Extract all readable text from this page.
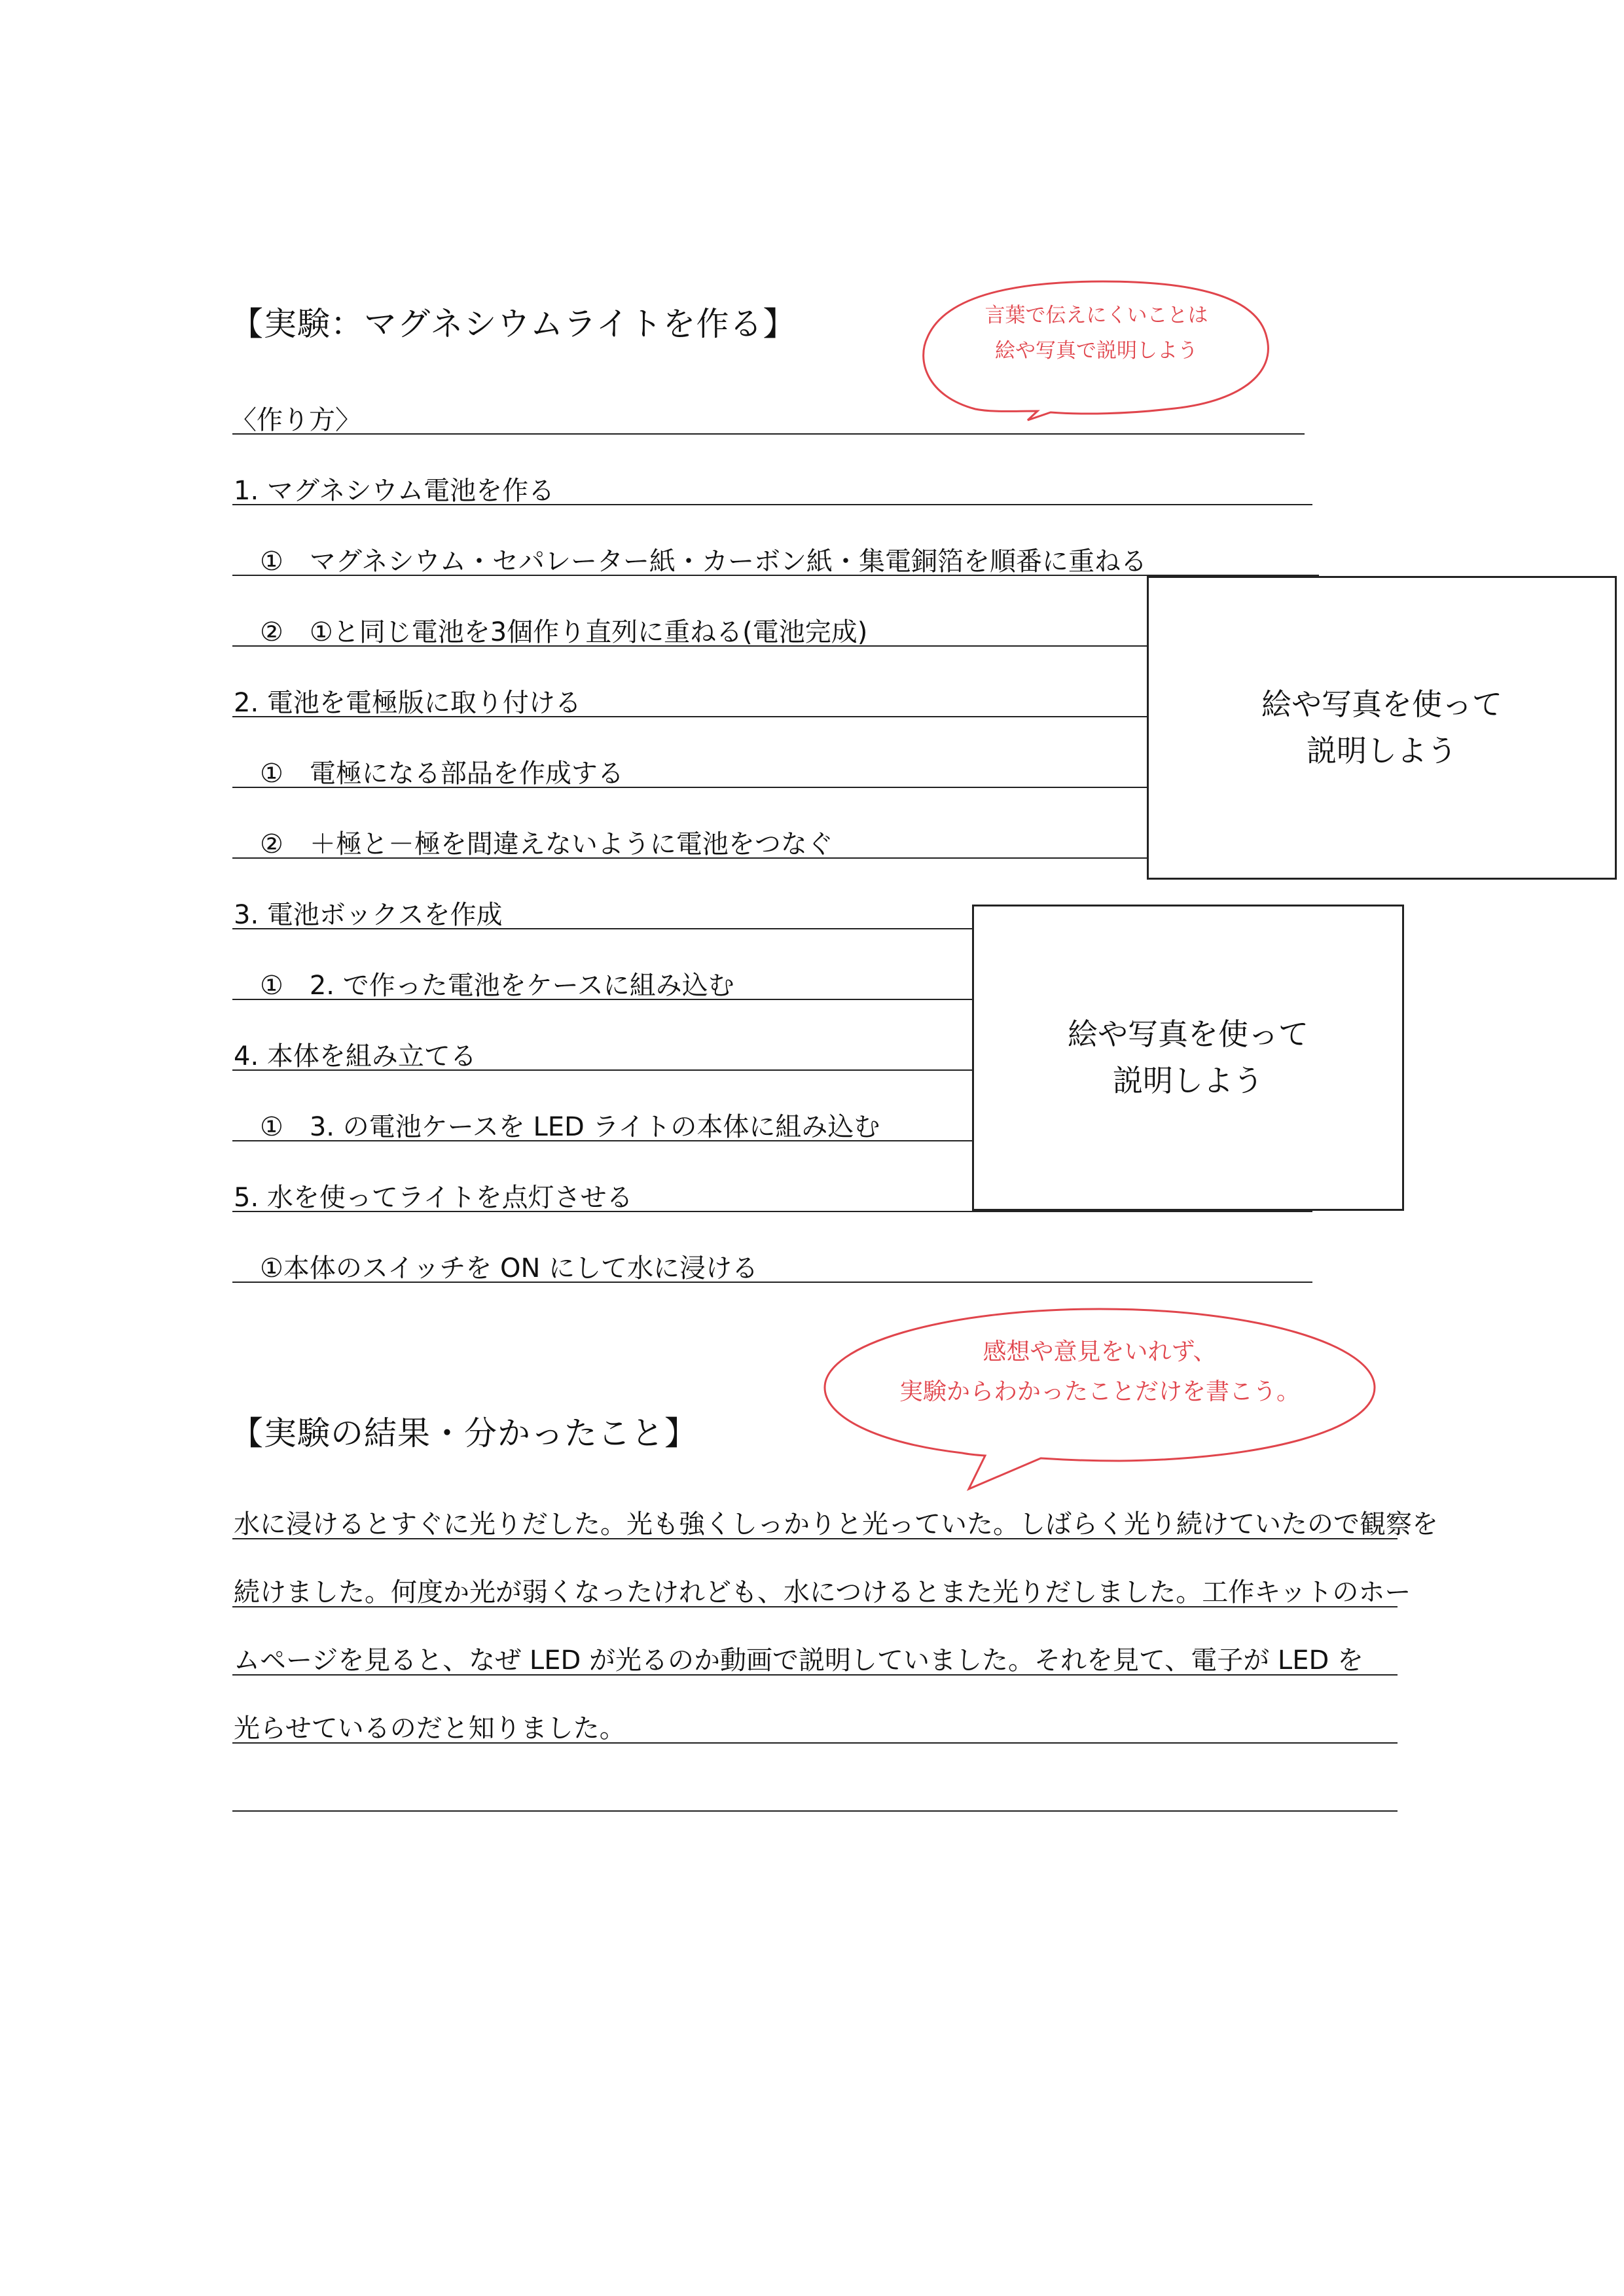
【実験：マグネシウムライトを作る】	言葉で伝えにくいことは
絵や写真で説明しよう
〈作り方〉
1. マグネシウム電池を作る
　①　マグネシウム・セパレーター紙・カーボン紙・集電銅箔を順番に重ねる
　②　①と同じ電池を3個作り直列に重ねる(電池完成)
2. 電池を電極版に取り付ける
　①　電極になる部品を作成する
　②　＋極と－極を間違えないように電池をつなぐ
3. 電池ボックスを作成
　①　2. で作った電池をケースに組み込む
4. 本体を組み立てる
　①　3. の電池ケースを LED ライトの本体に組み込む
5. 水を使ってライトを点灯させる
　①本体のスイッチを ON にして水に浸ける
絵や写真を使って
説明しよう
絵や写真を使って
説明しよう
感想や意見をいれず、
実験からわかったことだけを書こう。
【実験の結果・分かったこと】
水に浸けるとすぐに光りだした。光も強くしっかりと光っていた。しばらく光り続けていたので観察を
続けました。何度か光が弱くなったけれども、水につけるとまた光りだしました。工作キットのホー
ムページを見ると、なぜ LED が光るのか動画で説明していました。それを見て、電子が LED を
光らせているのだと知りました。
